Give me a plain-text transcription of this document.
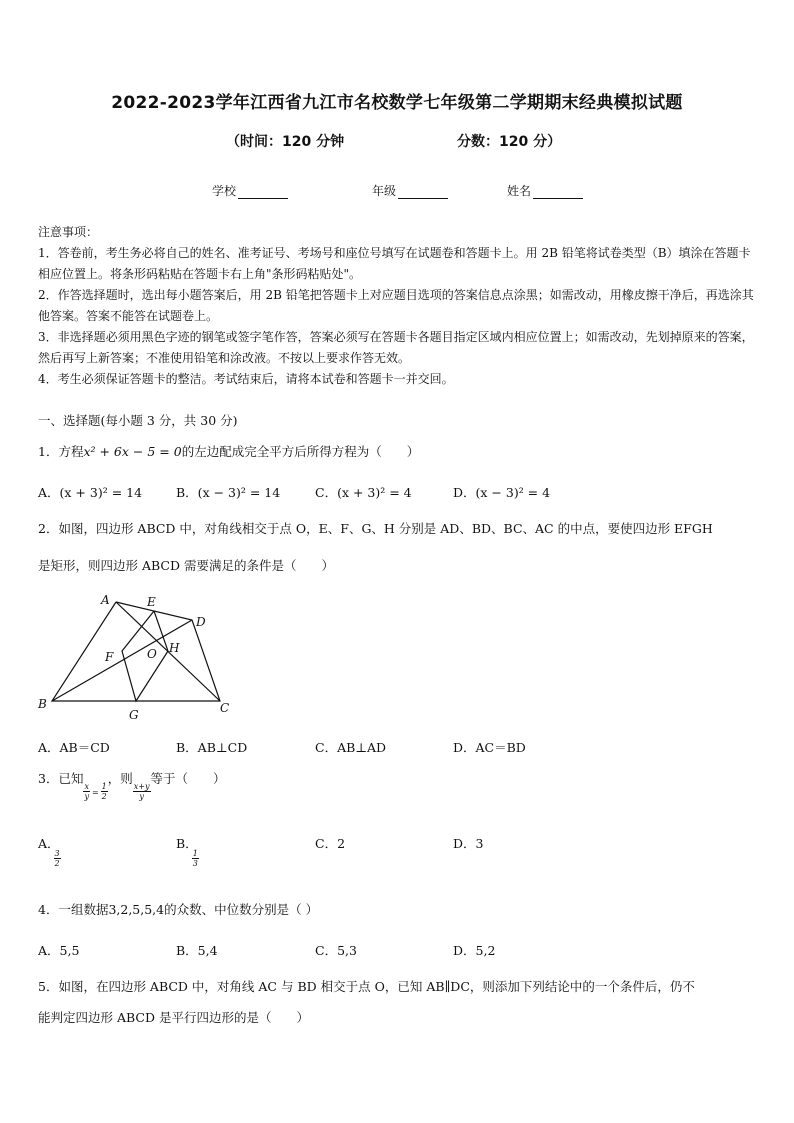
2022-2023学年江西省九江市名校数学七年级第二学期期末经典模拟试题
（时间：120 分钟	分数：120 分）
学校	年级	姓名

注意事项：

1．答卷前，考生务必将自己的姓名、准考证号、考场号和座位号填写在试题卷和答题卡上。用 2B 铅笔将试卷类型（B）填涂在答题卡相应位置上。将条形码粘贴在答题卡右上角"条形码粘贴处"。

2．作答选择题时，选出每小题答案后，用 2B 铅笔把答题卡上对应题目选项的答案信息点涂黑；如需改动，用橡皮擦干净后，再选涂其他答案。答案不能答在试题卷上。

3．非选择题必须用黑色字迹的钢笔或签字笔作答，答案必须写在答题卡各题目指定区域内相应位置上；如需改动，先划掉原来的答案，然后再写上新答案；不准使用铅笔和涂改液。不按以上要求作答无效。

4．考生必须保证答题卡的整洁。考试结束后，请将本试卷和答题卡一并交回。

一、选择题(每小题 3 分，共 30 分)
1．方程x² + 6x − 5 = 0的左边配成完全平方后所得方程为（　　）
A．(x + 3)² = 14	B．(x − 3)² = 14	C．(x + 3)² = 4	D．(x − 3)² = 4
2．如图，四边形 ABCD 中，对角线相交于点 O，E、F、G、H 分别是 AD、BD、BC、AC 的中点，要使四边形 EFGH
是矩形，则四边形 ABCD 需要满足的条件是（　　）
A	E
D
F	O H
B
G	C
A．AB＝CD	B．AB⊥CD	C．AB⊥AD	D．AC＝BD
3．已知
$\frac{x}{y} _= \frac{1}{2}$
，则
$\frac{x+y}{y}$
等于（　　）
A．
$\frac{3}{2}$
B．
$\frac{1}{3}$
C．2	D．3
4．一组数据3,2,5,5,4的众数、中位数分别是（ ）
A．5,5	B．5,4	C．5,3	D．5,2
5．如图，在四边形 ABCD 中，对角线 AC 与 BD 相交于点 O，已知 AB∥DC，则添加下列结论中的一个条件后，仍不
能判定四边形 ABCD 是平行四边形的是（　　）
